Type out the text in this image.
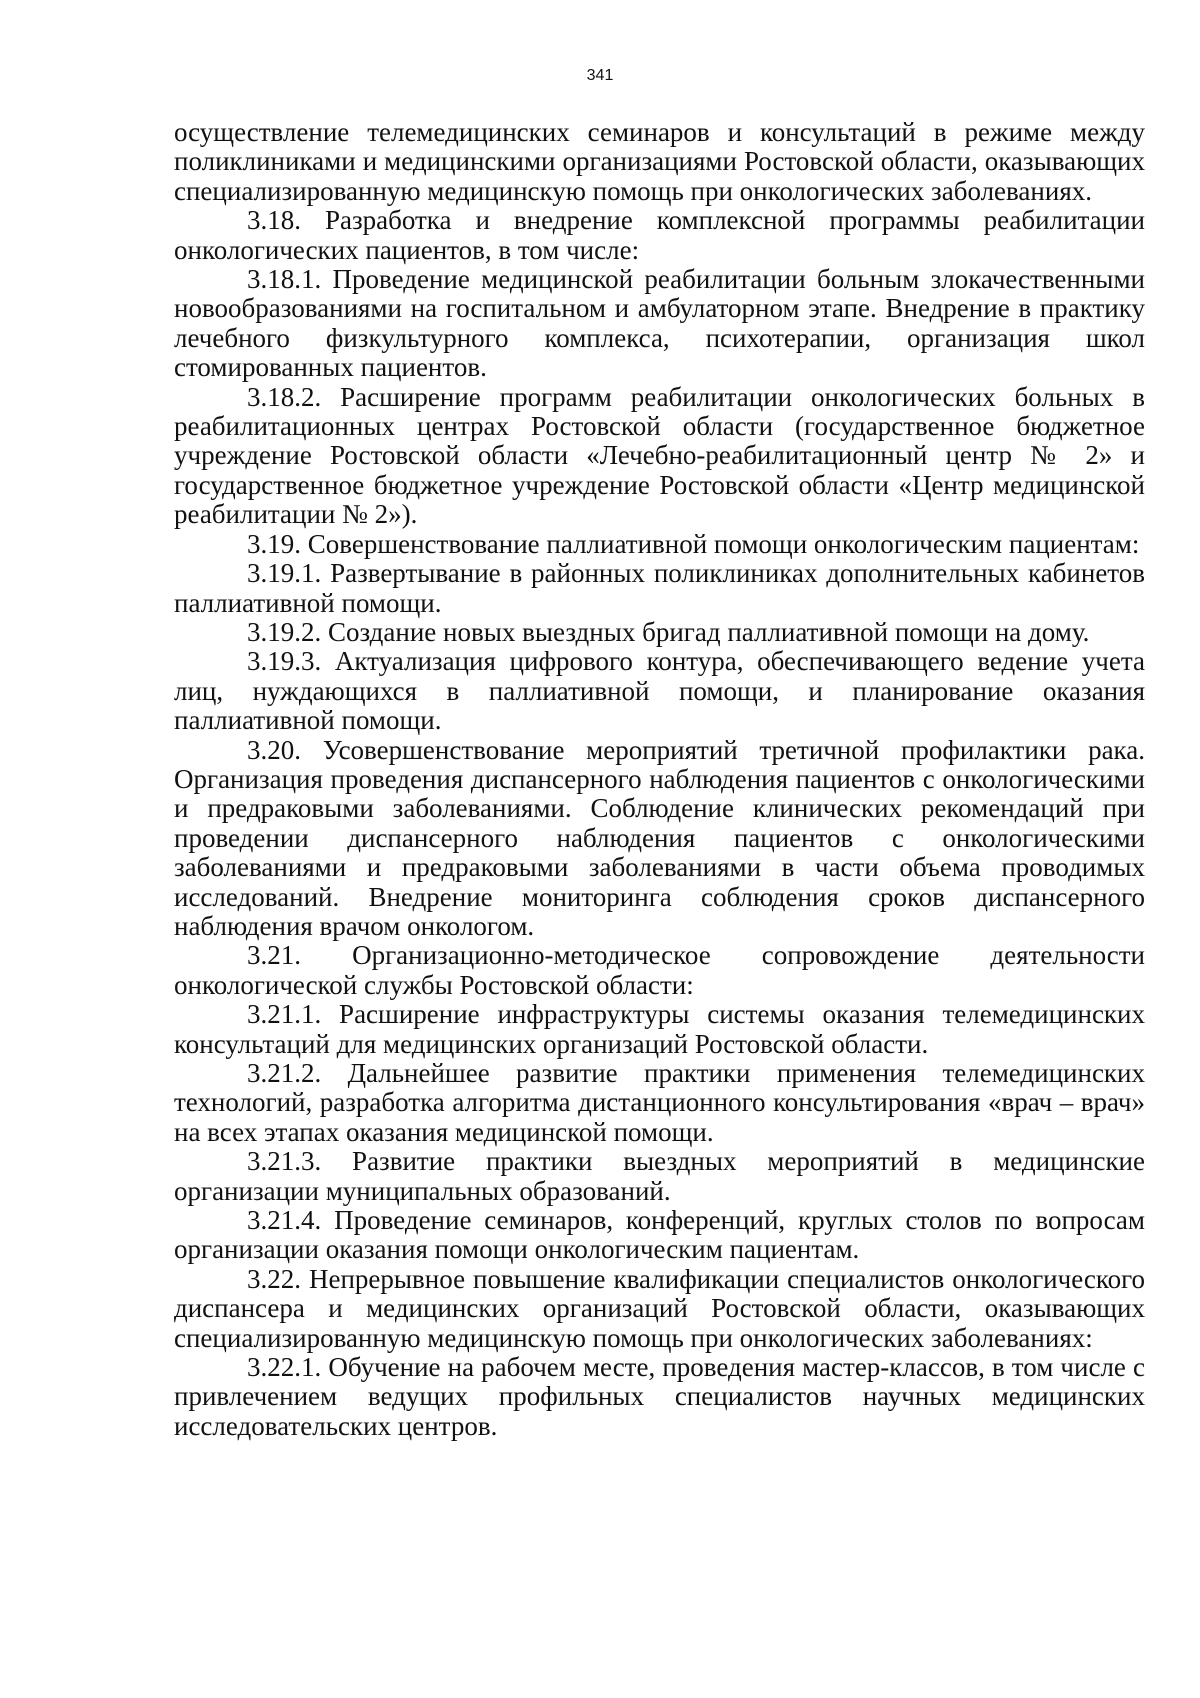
341

осуществление телемедицинских семинаров и консультаций в режиме между поликлиниками и медицинскими организациями Ростовской области, оказывающих специализированную медицинскую помощь при онкологических заболеваниях.

3.18. Разработка и внедрение комплексной программы реабилитации онкологических пациентов, в том числе:

3.18.1. Проведение медицинской реабилитации больным злокачественными новообразованиями на госпитальном и амбулаторном этапе. Внедрение в практику лечебного физкультурного комплекса, психотерапии, организация школ стомированных пациентов.

3.18.2. Расширение программ реабилитации онкологических больных в реабилитационных центрах Ростовской области (государственное бюджетное учреждение Ростовской области «Лечебно-реабилитационный центр № 2» и государственное бюджетное учреждение Ростовской области «Центр медицинской реабилитации № 2»).

3.19. Совершенствование паллиативной помощи онкологическим пациентам:

3.19.1. Развертывание в районных поликлиниках дополнительных кабинетов паллиативной помощи.

3.19.2. Создание новых выездных бригад паллиативной помощи на дому.

3.19.3. Актуализация цифрового контура, обеспечивающего ведение учета лиц, нуждающихся в паллиативной помощи, и планирование оказания паллиативной помощи.

3.20. Усовершенствование мероприятий третичной профилактики рака. Организация проведения диспансерного наблюдения пациентов с онкологическими и предраковыми заболеваниями. Соблюдение клинических рекомендаций при проведении диспансерного наблюдения пациентов с онкологическими заболеваниями и предраковыми заболеваниями в части объема проводимых исследований. Внедрение мониторинга соблюдения сроков диспансерного наблюдения врачом онкологом.

3.21. Организационно-методическое сопровождение деятельности онкологической службы Ростовской области:

3.21.1. Расширение инфраструктуры системы оказания телемедицинских консультаций для медицинских организаций Ростовской области.

3.21.2. Дальнейшее развитие практики применения телемедицинских технологий, разработка алгоритма дистанционного консультирования «врач – врач» на всех этапах оказания медицинской помощи.

3.21.3. Развитие практики выездных мероприятий в медицинские организации муниципальных образований.

3.21.4. Проведение семинаров, конференций, круглых столов по вопросам организации оказания помощи онкологическим пациентам.

3.22. Непрерывное повышение квалификации специалистов онкологического диспансера и медицинских организаций Ростовской области, оказывающих специализированную медицинскую помощь при онкологических заболеваниях:

3.22.1. Обучение на рабочем месте, проведения мастер-классов, в том числе с привлечением ведущих профильных специалистов научных медицинских исследовательских центров.
